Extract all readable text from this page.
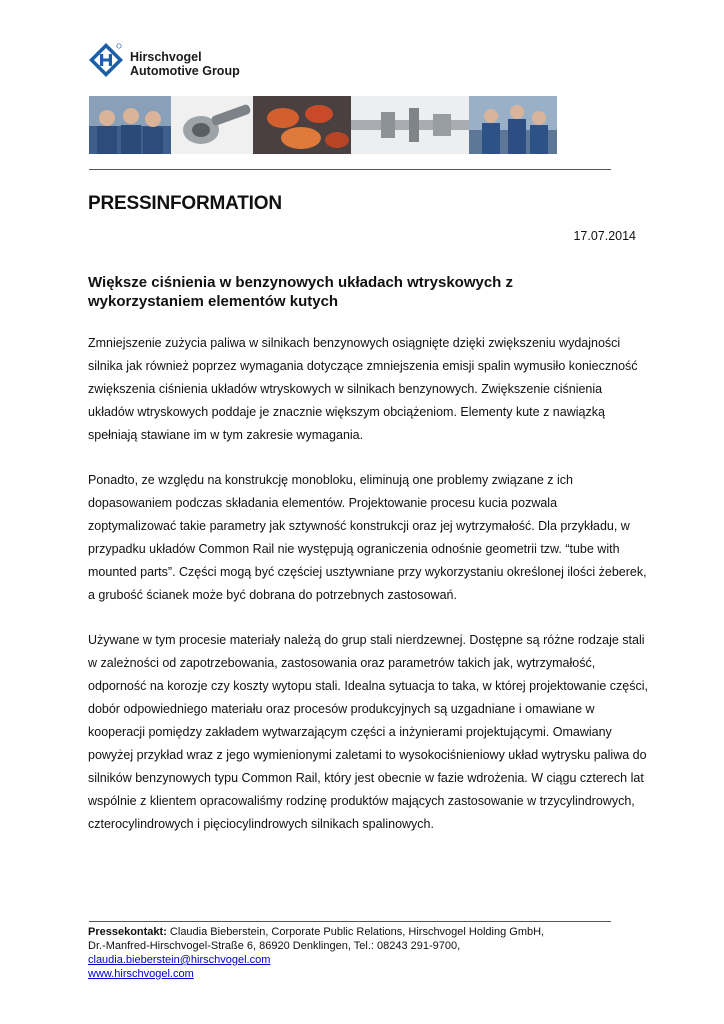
Hirschvogel
Automotive Group
PRESSINFORMATION
17.07.2014
Większe ciśnienia w benzynowych układach wtryskowych z wykorzystaniem elementów kutych

Zmniejszenie zużycia paliwa w silnikach benzynowych osiągnięte dzięki zwiększeniu wydajności silnika jak również poprzez wymagania dotyczące zmniejszenia emisji spalin wymusiło konieczność zwiększenia ciśnienia układów wtryskowych w silnikach benzynowych. Zwiększenie ciśnienia układów wtryskowych poddaje je znacznie większym obciążeniom. Elementy kute z nawiązką spełniają stawiane im w tym zakresie wymagania.

Ponadto, ze względu na konstrukcję monobloku, eliminują one problemy związane z ich dopasowaniem podczas składania elementów. Projektowanie procesu kucia pozwala zoptymalizować takie parametry jak sztywność konstrukcji oraz jej wytrzymałość. Dla przykładu, w przypadku układów Common Rail nie występują ograniczenia odnośnie geometrii tzw. “tube with mounted parts”. Części mogą być częściej usztywniane przy wykorzystaniu określonej ilości żeberek, a grubość ścianek może być dobrana do potrzebnych zastosowań.

Używane w tym procesie materiały należą do grup stali nierdzewnej. Dostępne są różne rodzaje stali w zależności od zapotrzebowania, zastosowania oraz parametrów takich jak, wytrzymałość, odporność na korozje czy koszty wytopu stali. Idealna sytuacja to taka, w której projektowanie części, dobór odpowiedniego materiału oraz procesów produkcyjnych są uzgadniane i omawiane w kooperacji pomiędzy zakładem wytwarzającym części a inżynierami projektującymi. Omawiany powyżej przykład wraz z jego wymienionymi zaletami to wysokociśnieniowy układ wytrysku paliwa do silników benzynowych typu Common Rail, który jest obecnie w fazie wdrożenia. W ciągu czterech lat wspólnie z klientem opracowaliśmy rodzinę produktów mających zastosowanie w trzycylindrowych, czterocylindrowych i pięciocylindrowych silnikach spalinowych.

Pressekontakt: Claudia Bieberstein, Corporate Public Relations, Hirschvogel Holding GmbH,
Dr.-Manfred-Hirschvogel-Straße 6, 86920 Denklingen, Tel.: 08243 291-9700,
claudia.bieberstein@hirschvogel.com
www.hirschvogel.com
